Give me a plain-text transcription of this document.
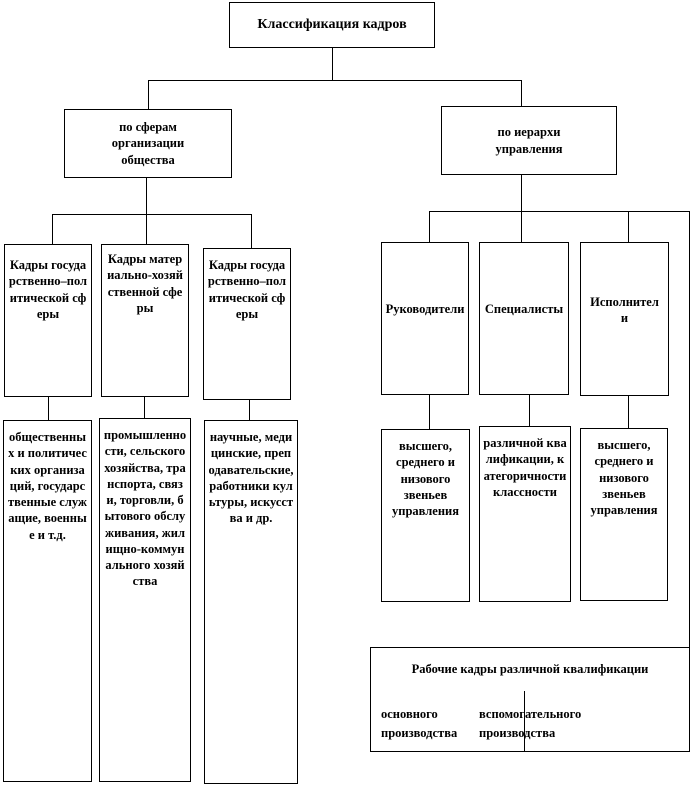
Классификация кадров
по сферам организации общества
по иерархи управления
Кадры государственно–политической сферы
Кадры материально-хозяйственной сферы
Кадры государственно–политической сферы
общественных и политических организаций, государственные служащие, военные и т.д.
промышленности, сельского хозяйства, транспорта, связи, торговли, бытового обслуживания, жилищно-коммунального хозяйства
научные, медицинские, преподавательские, работники культуры, искусства и др.
Руководители Специалисты
Исполнители
высшего, среднего и низового звеньев управления
различной квалификации, категоричности классности
высшего, среднего и низового звеньев управления
Рабочие кадры различной квалификации
основного производства
вспомогательного производства
